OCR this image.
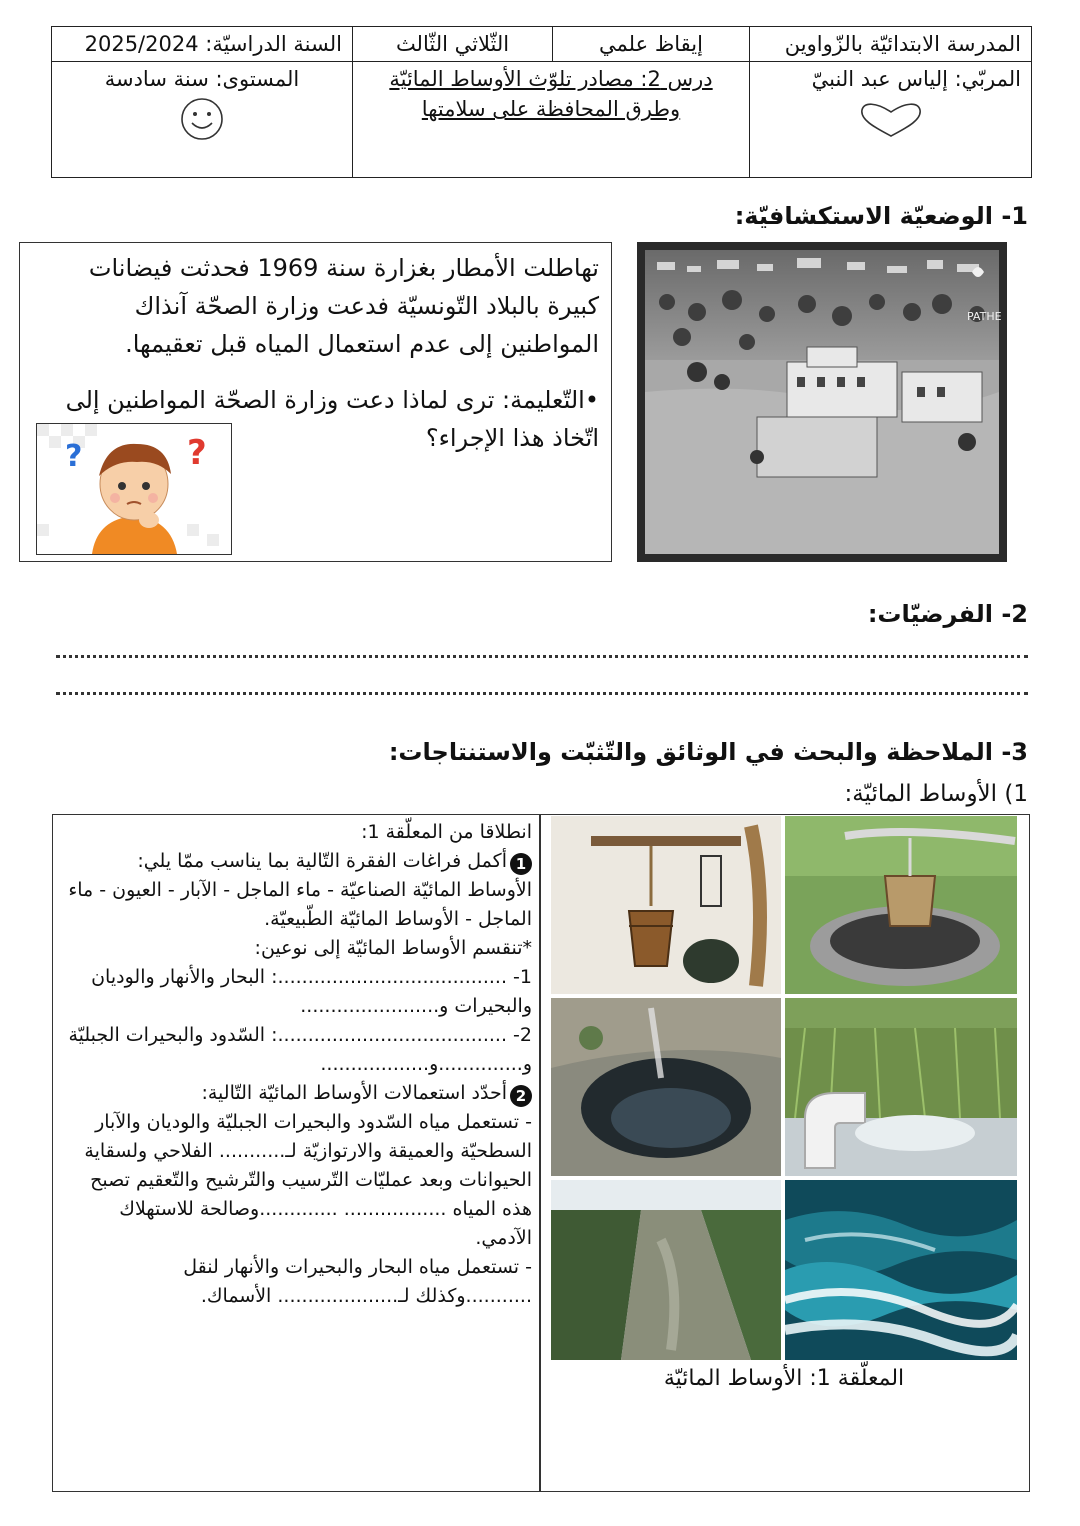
المدرسة الابتدائيّة بالزّواوين	إيقاظ علمي	الثّلاثي الثّالث	السنة الدراسيّة: 2025/2024

المربّي: إلياس عبد النبيّ	درس 2: مصادر تلوّث الأوساط المائيّة وطرق المحافظة على سلامتها		المستوى: سنة سادسة
1- الوضعيّة الاستكشافيّة:
PATHE
تهاطلت الأمطار بغزارة سنة 1969 فحدثت فيضانات كبيرة بالبلاد التّونسيّة فدعت وزارة الصحّة آنذاك المواطنين إلى عدم استعمال المياه قبل تعقيمها.
•التّعليمة: ترى لماذا دعت وزارة الصحّة المواطنين إلى اتّخاذ هذا الإجراء؟
?	?
2- الفرضيّات:
3- الملاحظة والبحث في الوثائق والتّثبّت والاستنتاجات:
1) الأوساط المائيّة:
انطلاقا من المعلّقة 1:
1أكمل فراغات الفقرة التّالية بما يناسب ممّا يلي:
الأوساط المائيّة الصناعيّة - ماء الماجل - الآبار - العيون - ماء الماجل - الأوساط المائيّة الطّبيعيّة.
*تنقسم الأوساط المائيّة إلى نوعين:
1- ......................................: البحار والأنهار والوديان والبحيرات و.......................
2- ......................................: السّدود والبحيرات الجبليّة و..............و..................
2أحدّد استعمالات الأوساط المائيّة التّالية:
- تستعمل مياه السّدود والبحيرات الجبليّة والوديان والآبار السطحيّة والعميقة والارتوازيّة لـ........... الفلاحي ولسقاية الحيوانات وبعد عمليّات التّرسيب والتّرشيح والتّعقيم تصبح هذه المياه ................. .............وصالحة للاستهلاك الآدمي.
- تستعمل مياه البحار والبحيرات والأنهار لنقل ...........وكذلك لـ.................... الأسماك.
المعلّقة 1: الأوساط المائيّة
